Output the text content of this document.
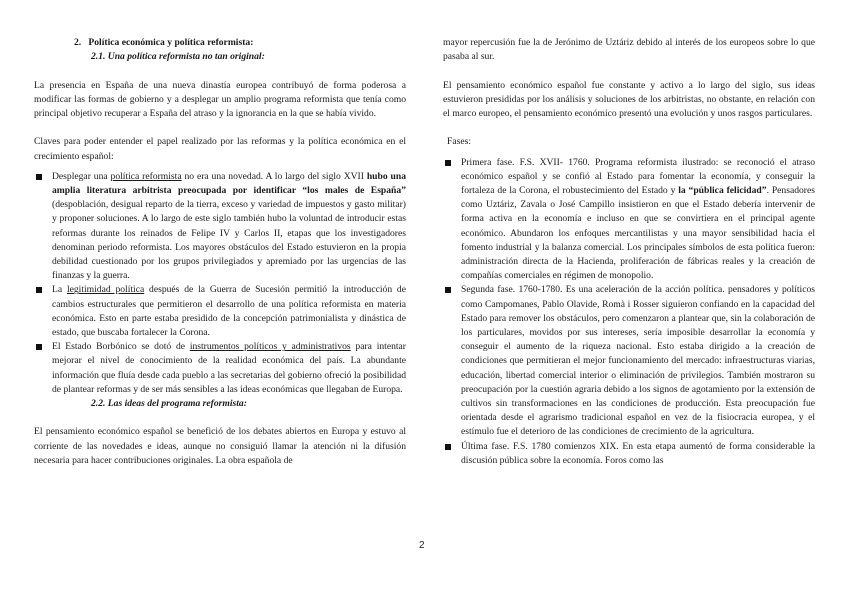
2.   Política económica y política reformista:

2.1. Una política reformista no tan original:

La presencia en España de una nueva dinastía europea contribuyó de forma poderosa a modificar las formas de gobierno y a desplegar un amplio programa reformista que tenía como principal objetivo recuperar a España del atraso y la ignorancia en la que se había vivido.

Claves para poder entender el papel realizado por las reformas y la política económica en el crecimiento español:

Desplegar una política reformista no era una novedad. A lo largo del siglo XVII hubo una amplia literatura arbitrista preocupada por identificar “los males de España” (despoblación, desigual reparto de la tierra, exceso y variedad de impuestos y gasto militar) y proponer soluciones. A lo largo de este siglo también hubo la voluntad de introducir estas reformas durante los reinados de Felipe IV y Carlos II, etapas que los investigadores denominan periodo reformista. Los mayores obstáculos del Estado estuvieron en la propia debilidad cuestionado por los grupos privilegiados y apremiado por las urgencias de las finanzas y la guerra.
La legitimidad política después de la Guerra de Sucesión permitió la introducción de cambios estructurales que permitieron el desarrollo de una política reformista en materia económica. Esto en parte estaba presidido de la concepción patrimonialista y dinástica de estado, que buscaba fortalecer la Corona.
El Estado Borbónico se dotó de instrumentos políticos y administrativos para intentar mejorar el nivel de conocimiento de la realidad económica del país. La abundante información que fluía desde cada pueblo a las secretarias del gobierno ofreció la posibilidad de plantear reformas y de ser más sensibles a las ideas económicas que llegaban de Europa.

2.2. Las ideas del programa reformista:

El pensamiento económico español se benefició de los debates abiertos en Europa y estuvo al corriente de las novedades e ideas, aunque no consiguió llamar la atención ni la difusión necesaria para hacer contribuciones originales. La obra española de

mayor repercusión fue la de Jerónimo de Uztáriz debido al interés de los europeos sobre lo que pasaba al sur.

El pensamiento económico español fue constante y activo a lo largo del siglo, sus ideas estuvieron presididas por los análisis y soluciones de los arbitristas, no obstante, en relación con el marco europeo, el pensamiento económico presentó una evolución y unos rasgos particulares.

Fases:

Primera fase. F.S. XVII- 1760. Programa reformista ilustrado: se reconoció el atraso económico español y se confió al Estado para fomentar la economía, y conseguir la fortaleza de la Corona, el robustecimiento del Estado y la “pública felicidad”. Pensadores como Uztáriz, Zavala o José Campillo insistieron en que el Estado debería intervenir de forma activa en la economía e incluso en que se convirtiera en el principal agente económico. Abundaron los enfoques mercantilistas y una mayor sensibilidad hacia el fomento industrial y la balanza comercial. Los principales símbolos de esta política fueron: administración directa de la Hacienda, proliferación de fábricas reales y la creación de compañías comerciales en régimen de monopolio.
Segunda fase. 1760-1780. Es una aceleración de la acción política. pensadores y políticos como Campomanes, Pablo Olavide, Romà i Rosser siguieron confiando en la capacidad del Estado para remover los obstáculos, pero comenzaron a plantear que, sin la colaboración de los particulares, movidos por sus intereses, sería imposible desarrollar la economía y conseguir el aumento de la riqueza nacional. Esto estaba dirigido a la creación de condiciones que permitieran el mejor funcionamiento del mercado: infraestructuras viarias, educación, libertad comercial interior o eliminación de privilegios. También mostraron su preocupación por la cuestión agraria debido a los signos de agotamiento por la extensión de cultivos sin transformaciones en las condiciones de producción. Esta preocupación fue orientada desde el agrarismo tradicional español en vez de la fisiocracia europea, y el estímulo fue el deterioro de las condiciones de crecimiento de la agricultura.
Última fase. F.S. 1780 comienzos XIX. En esta etapa aumentó de forma considerable la discusión pública sobre la economía. Foros como las
2
